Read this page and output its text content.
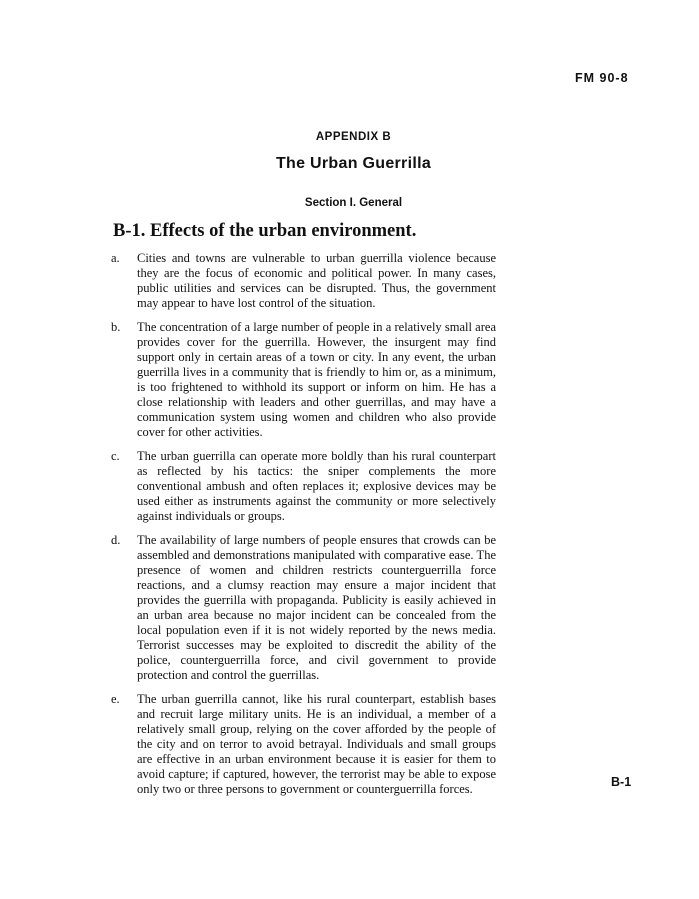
FM 90-8
APPENDIX B
The Urban Guerrilla
Section I. General
B-1. Effects of the urban environment.
a.	Cities and towns are vulnerable to urban guerrilla violence because they are the focus of economic and political power. In many cases, public utilities and services can be disrupted. Thus, the government may appear to have lost control of the situation.
b.	The concentration of a large number of people in a relatively small area provides cover for the guerrilla. However, the insurgent may find support only in certain areas of a town or city. In any event, the urban guerrilla lives in a community that is friendly to him or, as a minimum, is too frightened to withhold its support or inform on him. He has a close relationship with leaders and other guerrillas, and may have a communication system using women and children who also provide cover for other activities.
c.	The urban guerrilla can operate more boldly than his rural counterpart as reflected by his tactics: the sniper complements the more conventional ambush and often replaces it; explosive devices may be used either as instruments against the community or more selectively against individuals or groups.
d.	The availability of large numbers of people ensures that crowds can be assembled and demonstrations manipulated with comparative ease. The presence of women and children restricts counterguerrilla force reactions, and a clumsy reaction may ensure a major incident that provides the guerrilla with propaganda. Publicity is easily achieved in an urban area because no major incident can be concealed from the local population even if it is not widely reported by the news media. Terrorist successes may be exploited to discredit the ability of the police, counterguerrilla force, and civil government to provide protection and control the guerrillas.
e.	The urban guerrilla cannot, like his rural counterpart, establish bases and recruit large military units. He is an individual, a member of a relatively small group, relying on the cover afforded by the people of the city and on terror to avoid betrayal. Individuals and small groups are effective in an urban environment because it is easier for them to avoid capture; if captured, however, the terrorist may be able to expose only two or three persons to government or counterguerrilla forces.	B-1
